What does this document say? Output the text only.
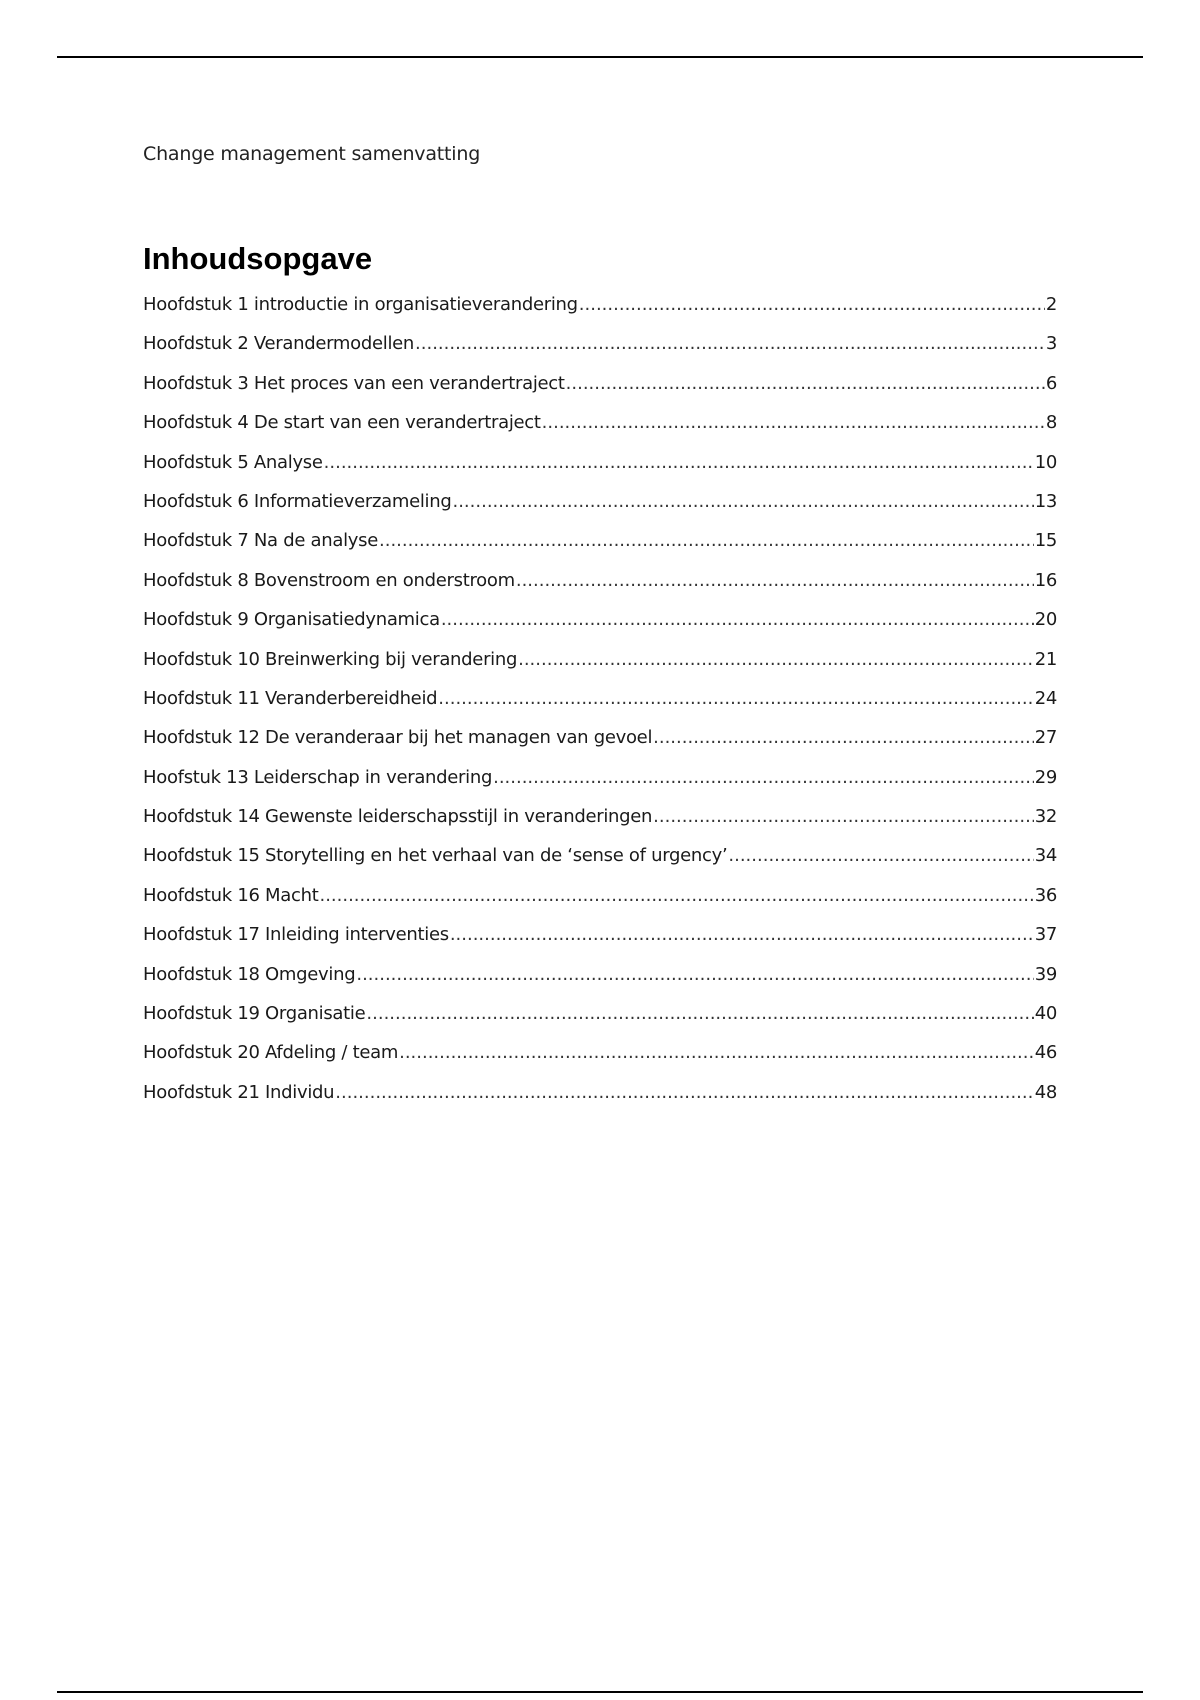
Change management samenvatting
Inhoudsopgave
Hoofdstuk 1 introductie in organisatieverandering .....	2
Hoofdstuk 2 Verandermodellen .....	3
Hoofdstuk 3 Het proces van een verandertraject .....	6
Hoofdstuk 4 De start van een verandertraject .....	8
Hoofdstuk 5 Analyse .....	10
Hoofdstuk 6 Informatieverzameling .....	13
Hoofdstuk 7 Na de analyse .....	15
Hoofdstuk 8 Bovenstroom en onderstroom .....	16
Hoofdstuk 9 Organisatiedynamica .....	20
Hoofdstuk 10 Breinwerking bij verandering .....	21
Hoofdstuk 11 Veranderbereidheid .....	24
Hoofdstuk 12 De veranderaar bij het managen van gevoel .....	27
Hoofstuk 13 Leiderschap in verandering .....	29
Hoofdstuk 14 Gewenste leiderschapsstijl in veranderingen .....	32
Hoofdstuk 15 Storytelling en het verhaal van de ‘sense of urgency’ .....	34
Hoofdstuk 16 Macht .....	36
Hoofdstuk 17 Inleiding interventies .....	37
Hoofdstuk 18 Omgeving .....	39
Hoofdstuk 19 Organisatie .....	40
Hoofdstuk 20 Afdeling / team .....	46
Hoofdstuk 21 Individu .....	48
